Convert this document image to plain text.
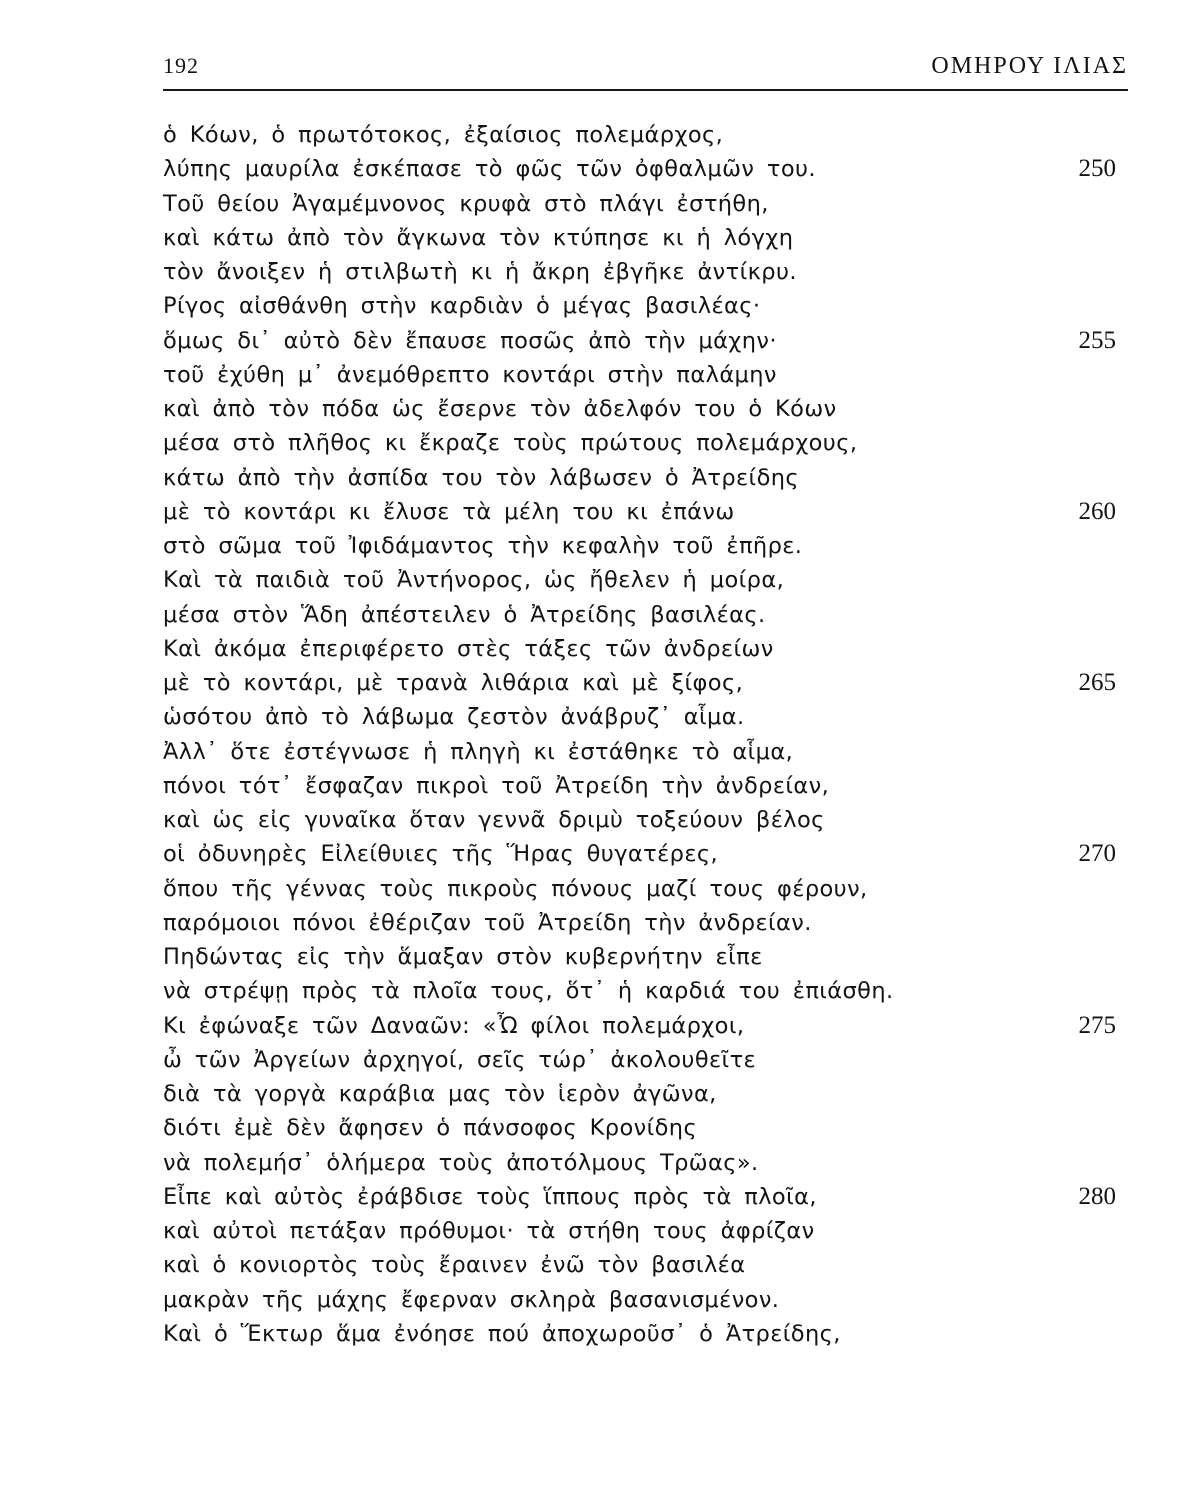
192	ΟΜΗΡΟΥ ΙΛΙΑΣ
ὁ Κόων, ὁ πρωτότοκος, ἐξαίσιος πολεμάρχος,
λύπης μαυρίλα ἐσκέπασε τὸ φῶς τῶν ὀφθαλμῶν του.	250
Τοῦ θείου Ἀγαμέμνονος κρυφὰ στὸ πλάγι ἐστήθη,
καὶ κάτω ἀπὸ τὸν ἄγκωνα τὸν κτύπησε κι ἡ λόγχη
τὸν ἄνοιξεν ἡ στιλβωτὴ κι ἡ ἄκρη ἐβγῆκε ἀντίκρυ.
Ρίγος αἰσθάνθη στὴν καρδιὰν ὁ μέγας βασιλέας·
ὅμως δι᾽ αὐτὸ δὲν ἔπαυσε ποσῶς ἀπὸ τὴν μάχην·	255
τοῦ ἐχύθη μ᾽ ἀνεμόθρεπτο κοντάρι στὴν παλάμην
καὶ ἀπὸ τὸν πόδα ὡς ἔσερνε τὸν ἀδελφόν του ὁ Κόων
μέσα στὸ πλῆθος κι ἔκραζε τοὺς πρώτους πολεμάρχους,
κάτω ἀπὸ τὴν ἀσπίδα του τὸν λάβωσεν ὁ Ἀτρείδης
μὲ τὸ κοντάρι κι ἔλυσε τὰ μέλη του κι ἐπάνω	260
στὸ σῶμα τοῦ Ἰφιδάμαντος τὴν κεφαλὴν τοῦ ἐπῆρε.
Καὶ τὰ παιδιὰ τοῦ Ἀντήνορος, ὡς ἤθελεν ἡ μοίρα,
μέσα στὸν Ἅδη ἀπέστειλεν ὁ Ἀτρείδης βασιλέας.
Καὶ ἀκόμα ἐπεριφέρετο στὲς τάξες τῶν ἀνδρείων
μὲ τὸ κοντάρι, μὲ τρανὰ λιθάρια καὶ μὲ ξίφος,	265
ὡσότου ἀπὸ τὸ λάβωμα ζεστὸν ἀνάβρυζ᾽ αἷμα.
Ἀλλ᾽ ὅτε ἐστέγνωσε ἡ πληγὴ κι ἐστάθηκε τὸ αἷμα,
πόνοι τότ᾽ ἔσφαζαν πικροὶ τοῦ Ἀτρείδη τὴν ἀνδρείαν,
καὶ ὡς εἰς γυναῖκα ὅταν γεννᾶ δριμὺ τοξεύουν βέλος
οἱ ὀδυνηρὲς Εἰλείθυιες τῆς Ἥρας θυγατέρες,	270
ὅπου τῆς γέννας τοὺς πικροὺς πόνους μαζί τους φέρουν,
παρόμοιοι πόνοι ἐθέριζαν τοῦ Ἀτρείδη τὴν ἀνδρείαν.
Πηδώντας εἰς τὴν ἅμαξαν στὸν κυβερνήτην εἶπε
νὰ στρέψῃ πρὸς τὰ πλοῖα τους, ὅτ᾽ ἡ καρδιά του ἐπιάσθη.
Κι ἐφώναξε τῶν Δαναῶν: «Ὦ φίλοι πολεμάρχοι,	275
ὦ τῶν Ἀργείων ἀρχηγοί, σεῖς τώρ᾽ ἀκολουθεῖτε
διὰ τὰ γοργὰ καράβια μας τὸν ἱερὸν ἀγῶνα,
διότι ἐμὲ δὲν ἄφησεν ὁ πάνσοφος Κρονίδης
νὰ πολεμήσ᾽ ὁλήμερα τοὺς ἀποτόλμους Τρῶας».
Εἶπε καὶ αὐτὸς ἐράβδισε τοὺς ἵππους πρὸς τὰ πλοῖα,	280
καὶ αὐτοὶ πετάξαν πρόθυμοι· τὰ στήθη τους ἀφρίζαν
καὶ ὁ κονιορτὸς τοὺς ἔραινεν ἐνῶ τὸν βασιλέα
μακρὰν τῆς μάχης ἔφερναν σκληρὰ βασανισμένον.
Καὶ ὁ Ἕκτωρ ἅμα ἐνόησε πού ἀποχωροῦσ᾽ ὁ Ἀτρείδης,
